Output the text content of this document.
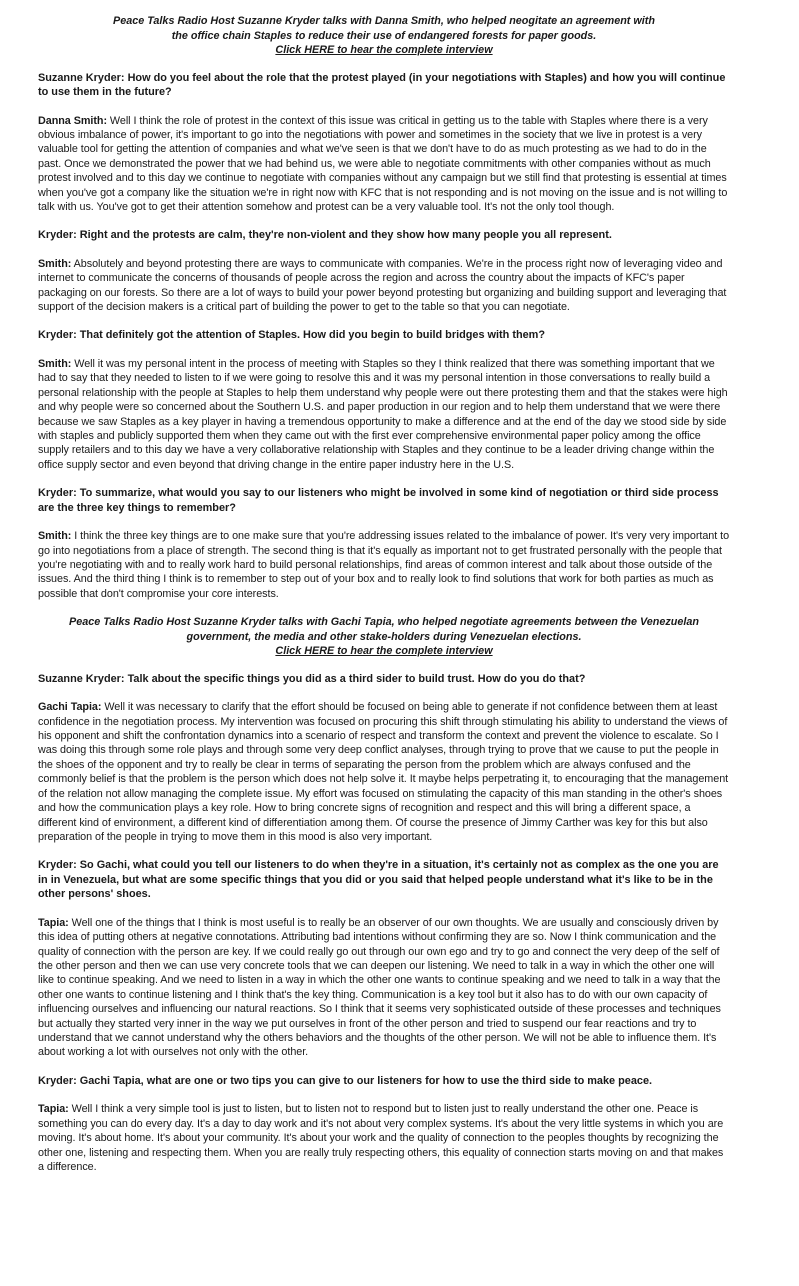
Peace Talks Radio Host Suzanne Kryder talks with Danna Smith, who helped neogitate an agreement with
the office chain Staples to reduce their use of endangered forests for paper goods.
Click HERE to hear the complete interview

Suzanne Kryder: How do you feel about the role that the protest played (in your negotiations with Staples) and how you will continue to use them in the future?

Danna Smith: Well I think the role of protest in the context of this issue was critical in getting us to the table with Staples where there is a very obvious imbalance of power, it's important to go into the negotiations with power and sometimes in the society that we live in protest is a very valuable tool for getting the attention of companies and what we've seen is that we don't have to do as much protesting as we had to do in the past. Once we demonstrated the power that we had behind us, we were able to negotiate commitments with other companies without as much protest involved and to this day we continue to negotiate with companies without any campaign but we still find that protesting is essential at times when you've got a company like the situation we're in right now with KFC that is not responding and is not moving on the issue and is not willing to talk with us. You've got to get their attention somehow and protest can be a very valuable tool. It's not the only tool though.

Kryder: Right and the protests are calm, they're non-violent and they show how many people you all represent.

Smith: Absolutely and beyond protesting there are ways to communicate with companies. We're in the process right now of leveraging video and internet to communicate the concerns of thousands of people across the region and across the country about the impacts of KFC's paper packaging on our forests. So there are a lot of ways to build your power beyond protesting but organizing and building support and leveraging that support of the decision makers is a critical part of building the power to get to the table so that you can negotiate.

Kryder: That definitely got the attention of Staples. How did you begin to build bridges with them?

Smith: Well it was my personal intent in the process of meeting with Staples so they I think realized that there was something important that we had to say that they needed to listen to if we were going to resolve this and it was my personal intention in those conversations to really build a personal relationship with the people at Staples to help them understand why people were out there protesting them and that the stakes were high and why people were so concerned about the Southern U.S. and paper production in our region and to help them understand that we were there because we saw Staples as a key player in having a tremendous opportunity to make a difference and at the end of the day we stood side by side with staples and publicly supported them when they came out with the first ever comprehensive environmental paper policy among the office supply retailers and to this day we have a very collaborative relationship with Staples and they continue to be a leader driving change within the office supply sector and even beyond that driving change in the entire paper industry here in the U.S.

Kryder: To summarize, what would you say to our listeners who might be involved in some kind of negotiation or third side process are the three key things to remember?

Smith: I think the three key things are to one make sure that you're addressing issues related to the imbalance of power. It's very very important to go into negotiations from a place of strength. The second thing is that it's equally as important not to get frustrated personally with the people that you're negotiating with and to really work hard to build personal relationships, find areas of common interest and talk about those outside of the issues. And the third thing I think is to remember to step out of your box and to really look to find solutions that work for both parties as much as possible that don't compromise your core interests.

Peace Talks Radio Host Suzanne Kryder talks with Gachi Tapia, who helped negotiate agreements between the Venezuelan
government, the media and other stake-holders during Venezuelan elections.
Click HERE to hear the complete interview

Suzanne Kryder: Talk about the specific things you did as a third sider to build trust. How do you do that?

Gachi Tapia: Well it was necessary to clarify that the effort should be focused on being able to generate if not confidence between them at least confidence in the negotiation process. My intervention was focused on procuring this shift through stimulating his ability to understand the views of his opponent and shift the confrontation dynamics into a scenario of respect and transform the context and prevent the violence to escalate. So I was doing this through some role plays and through some very deep conflict analyses, through trying to prove that we cause to put the people in the shoes of the opponent and try to really be clear in terms of separating the person from the problem which are always confused and the commonly belief is that the problem is the person which does not help solve it. It maybe helps perpetrating it, to encouraging that the management of the relation not allow managing the complete issue. My effort was focused on stimulating the capacity of this man standing in the other's shoes and how the communication plays a key role. How to bring concrete signs of recognition and respect and this will bring a different space, a different kind of environment, a different kind of differentiation among them. Of course the presence of Jimmy Carther was key for this but also preparation of the people in trying to move them in this mood is also very important.

Kryder: So Gachi, what could you tell our listeners to do when they're in a situation, it's certainly not as complex as the one you are in in Venezuela, but what are some specific things that you did or you said that helped people understand what it's like to be in the other persons' shoes.

Tapia: Well one of the things that I think is most useful is to really be an observer of our own thoughts. We are usually and consciously driven by this idea of putting others at negative connotations. Attributing bad intentions without confirming they are so. Now I think communication and the quality of connection with the person are key. If we could really go out through our own ego and try to go and connect the very deep of the self of the other person and then we can use very concrete tools that we can deepen our listening. We need to talk in a way in which the other one will like to continue speaking. And we need to listen in a way in which the other one wants to continue speaking and we need to talk in a way that the other one wants to continue listening and I think that's the key thing. Communication is a key tool but it also has to do with our own capacity of influencing ourselves and influencing our natural reactions. So I think that it seems very sophisticated outside of these processes and techniques but actually they started very inner in the way we put ourselves in front of the other person and tried to suspend our fear reactions and try to understand that we cannot understand why the others behaviors and the thoughts of the other person. We will not be able to influence them. It's about working a lot with ourselves not only with the other.

Kryder: Gachi Tapia, what are one or two tips you can give to our listeners for how to use the third side to make peace.

Tapia: Well I think a very simple tool is just to listen, but to listen not to respond but to listen just to really understand the other one. Peace is something you can do every day. It's a day to day work and it's not about very complex systems. It's about the very little systems in which you are moving. It's about home. It's about your community. It's about your work and the quality of connection to the peoples thoughts by recognizing the other one, listening and respecting them. When you are really truly respecting others, this equality of connection starts moving on and that makes a difference.
